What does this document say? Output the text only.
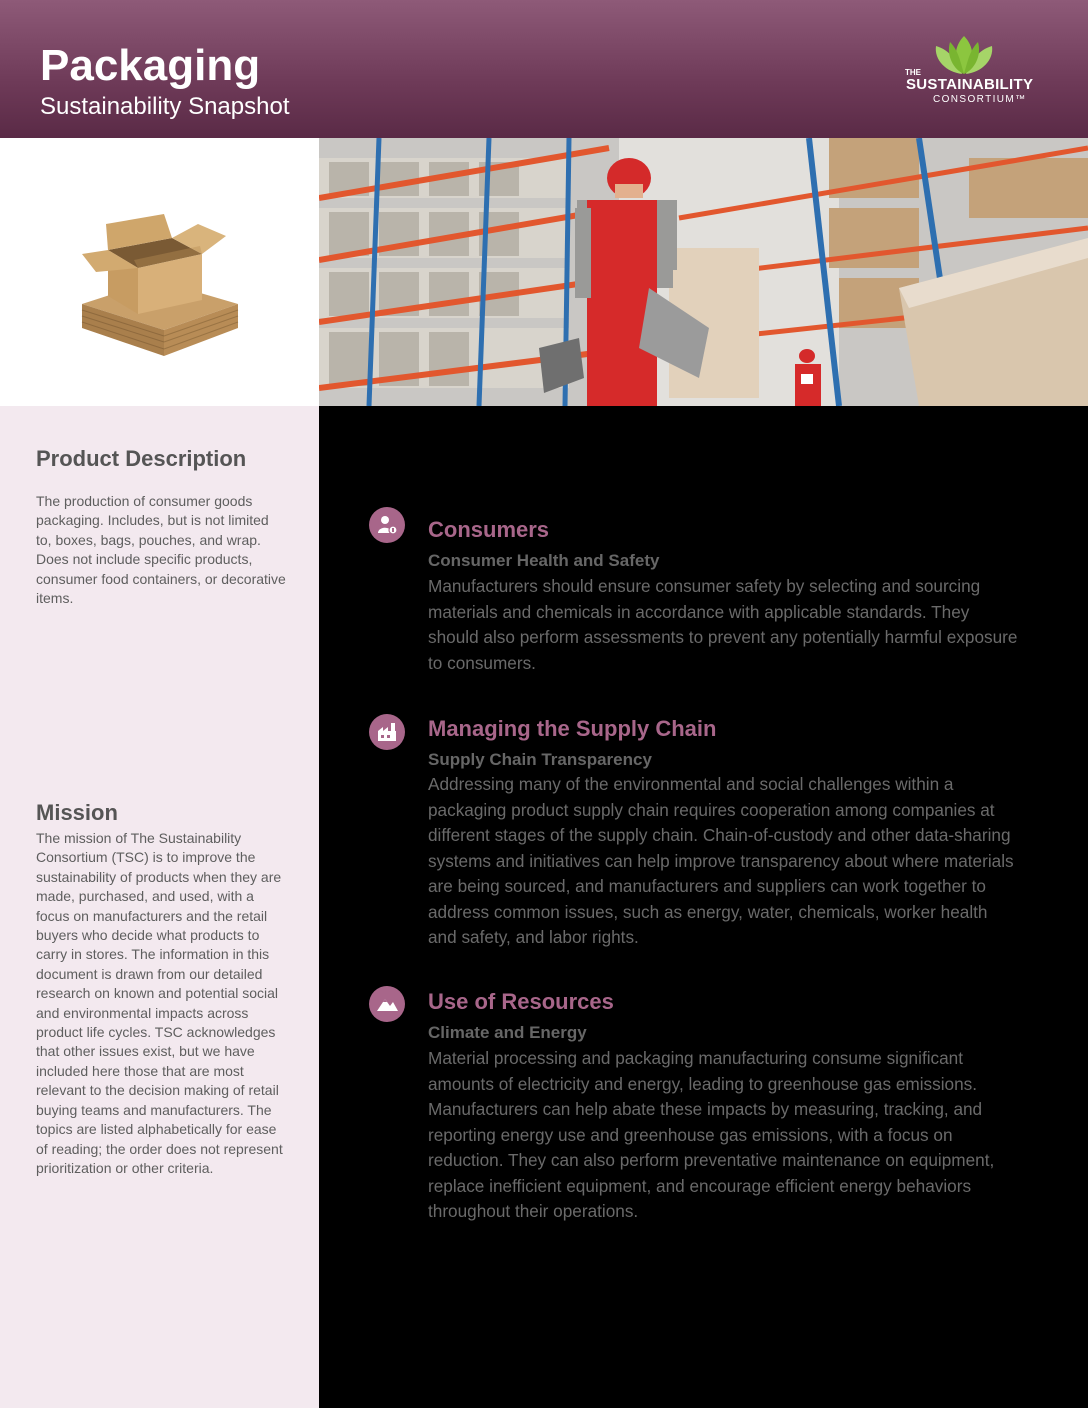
Packaging
Sustainability Snapshot
THE
SUSTAINABILITY
CONSORTIUM™
Product Description
The production of consumer goods packaging. Includes, but is not limited to, boxes, bags, pouches, and wrap. Does not include specific products, consumer food containers, or decorative items.
Mission
The mission of The Sustainability Consortium (TSC) is to improve the sustainability of products when they are made, purchased, and used, with a focus on manufacturers and the retail buyers who decide what products to carry in stores. The information in this document is drawn from our detailed research on known and potential social and environmental impacts across product life cycles. TSC acknowledges that other issues exist, but we have included here those that are most relevant to the decision making of retail buying teams and manufacturers. The topics are listed alphabetically for ease of reading; the order does not represent prioritization or other criteria.
Consumers
Consumer Health and Safety
Manufacturers should ensure consumer safety by selecting and sourcing materials and chemicals in accordance with applicable standards. They should also perform assessments to prevent any potentially harmful exposure to consumers.
Managing the Supply Chain
Supply Chain Transparency
Addressing many of the environmental and social challenges within a packaging product supply chain requires cooperation among companies at different stages of the supply chain. Chain-of-custody and other data-sharing systems and initiatives can help improve transparency about where materials are being sourced, and manufacturers and suppliers can work together to address common issues, such as energy, water, chemicals, worker health and safety, and labor rights.
Use of Resources
Climate and Energy
Material processing and packaging manufacturing consume significant amounts of electricity and energy, leading to greenhouse gas emissions. Manufacturers can help abate these impacts by measuring, tracking, and reporting energy use and greenhouse gas emissions, with a focus on reduction. They can also perform preventative maintenance on equipment, replace inefficient equipment, and encourage efficient energy behaviors throughout their operations.
